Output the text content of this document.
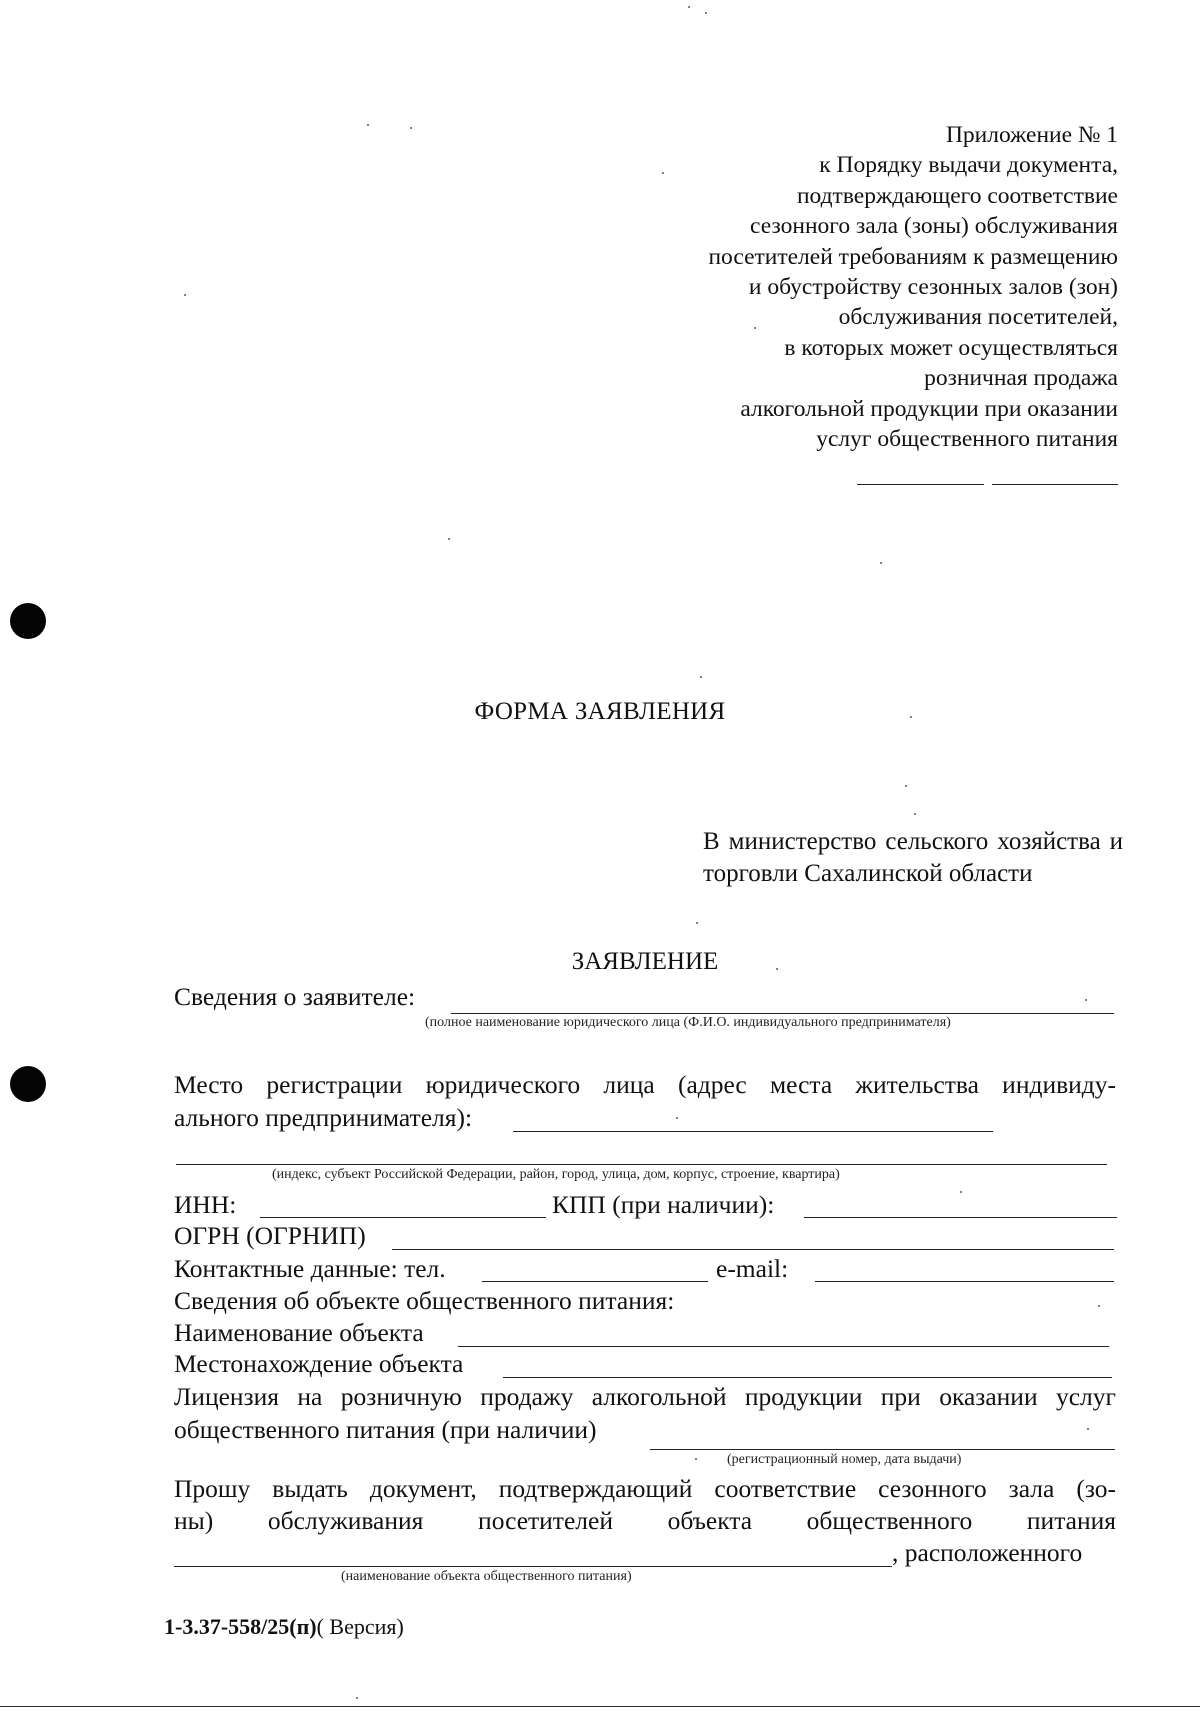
Приложение № 1
к Порядку выдачи документа,
подтверждающего соответствие
сезонного зала (зоны) обслуживания
посетителей требованиям к размещению
и обустройству сезонных залов (зон)
обслуживания посетителей,
в которых может осуществляться
розничная продажа
алкогольной продукции при оказании
услуг общественного питания
ФОРМА ЗАЯВЛЕНИЯ
В министерство сельского хозяйства и торговли Сахалинской области
ЗАЯВЛЕНИЕ
Сведения о заявителе:
(полное наименование юридического лица (Ф.И.О. индивидуального предпринимателя)
Место регистрации юридического лица (адрес места жительства индивиду-
ального предпринимателя):
(индекс, субъект Российской Федерации, район, город, улица, дом, корпус, строение, квартира)
ИНН:	КПП (при наличии):
ОГРН (ОГРНИП)
Контактные данные: тел.	e-mail:
Сведения об объекте общественного питания:
Наименование объекта
Местонахождение объекта
Лицензия на розничную продажу алкогольной продукции при оказании услуг
общественного питания (при наличии)
(регистрационный номер, дата выдачи)
Прошу выдать документ, подтверждающий соответствие сезонного зала (зо-
ны) обслуживания посетителей объекта общественного питания
, расположенного
(наименование объекта общественного питания)
1-3.37-558/25(п)( Версия)
